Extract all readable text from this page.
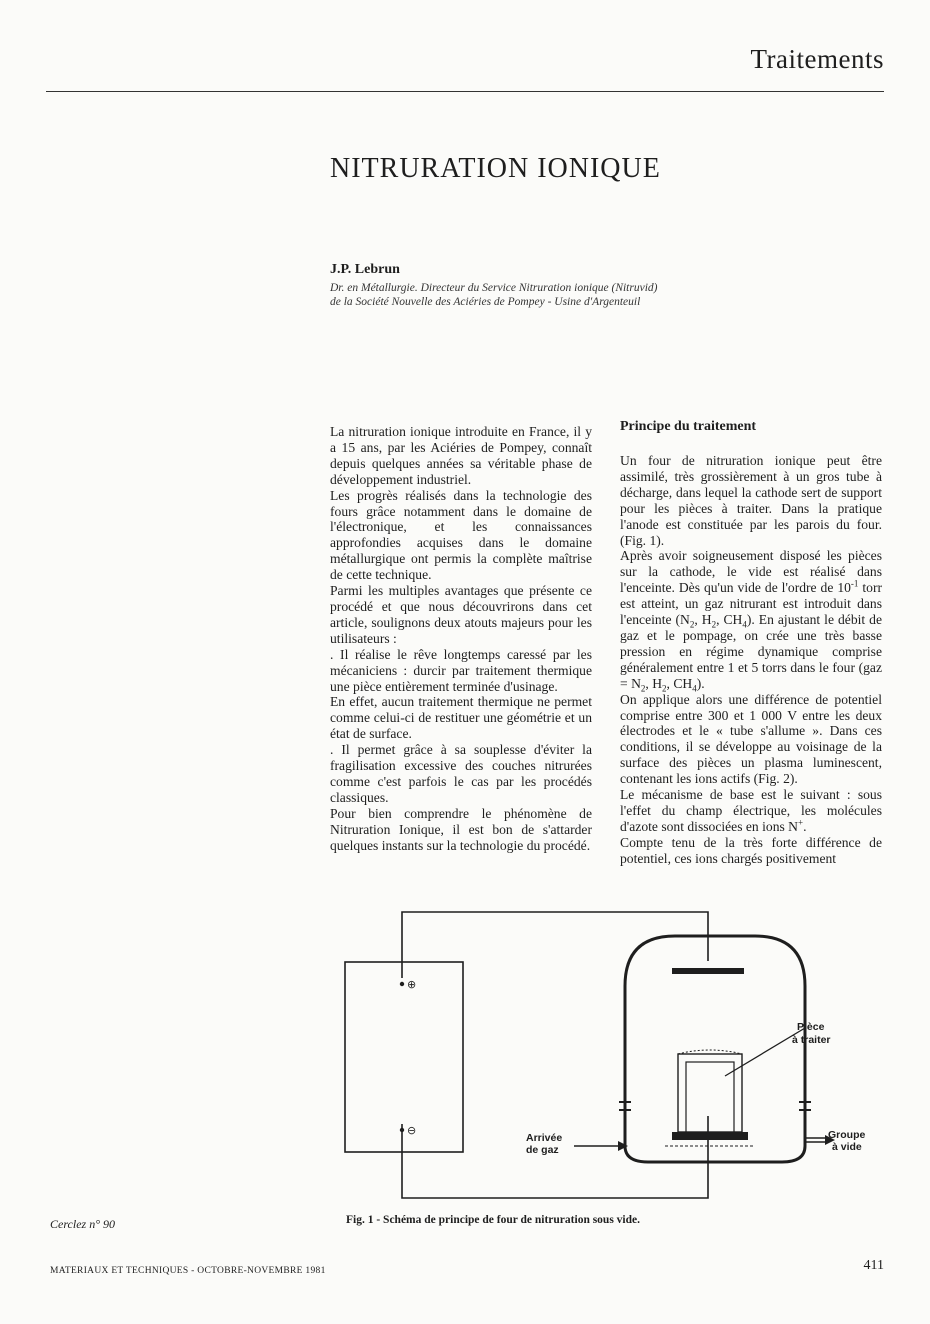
Traitements
NITRURATION IONIQUE
J.P. Lebrun
Dr. en Métallurgie. Directeur du Service Nitruration ionique (Nitruvid)
de la Société Nouvelle des Aciéries de Pompey - Usine d'Argenteuil

La nitruration ionique introduite en France, il y a 15 ans, par les Aciéries de Pompey, connaît depuis quelques années sa véritable phase de développement industriel.

Les progrès réalisés dans la technologie des fours grâce notamment dans le domaine de l'électronique, et les connaissances approfondies acquises dans le domaine métallurgique ont permis la complète maîtrise de cette technique.

Parmi les multiples avantages que présente ce procédé et que nous découvrirons dans cet article, soulignons deux atouts majeurs pour les utilisateurs :

. Il réalise le rêve longtemps caressé par les mécaniciens : durcir par traitement thermique une pièce entièrement terminée d'usinage.

En effet, aucun traitement thermique ne permet comme celui-ci de restituer une géométrie et un état de surface.

. Il permet grâce à sa souplesse d'éviter la fragilisation excessive des couches nitrurées comme c'est parfois le cas par les procédés classiques.

Pour bien comprendre le phénomène de Nitruration Ionique, il est bon de s'attarder quelques instants sur la technologie du procédé.

Principe du traitement

Un four de nitruration ionique peut être assimilé, très grossièrement à un gros tube à décharge, dans lequel la cathode sert de support pour les pièces à traiter. Dans la pratique l'anode est constituée par les parois du four. (Fig. 1).

Après avoir soigneusement disposé les pièces sur la cathode, le vide est réalisé dans l'enceinte. Dès qu'un vide de l'ordre de $10^{-1}$ torr est atteint, un gaz nitrurant est introduit dans l'enceinte ($N_2$, $H_2$, $CH_4$). En ajustant le débit de gaz et le pompage, on crée une très basse pression en régime dynamique comprise généralement entre 1 et 5 torrs dans le four ($gaz = N_2$, $H_2$, $CH_4$).

On applique alors une différence de potentiel comprise entre 300 et 1 000 V entre les deux électrodes et le « tube s'allume ». Dans ces conditions, il se développe au voisinage de la surface des pièces un plasma luminescent, contenant les ions actifs (Fig. 2).

Le mécanisme de base est le suivant : sous l'effet du champ électrique, les molécules d'azote sont dissociées en ions N+.

Compte tenu de la très forte différence de potentiel, ces ions chargés positivement

⊕
⊖
Pièce
à traiter
Arrivée
de gaz
Groupe
à vide
Fig. 1 - Schéma de principe de four de nitruration sous vide.
Cerclez n° 90
MATERIAUX ET TECHNIQUES - OCTOBRE-NOVEMBRE 1981	411
